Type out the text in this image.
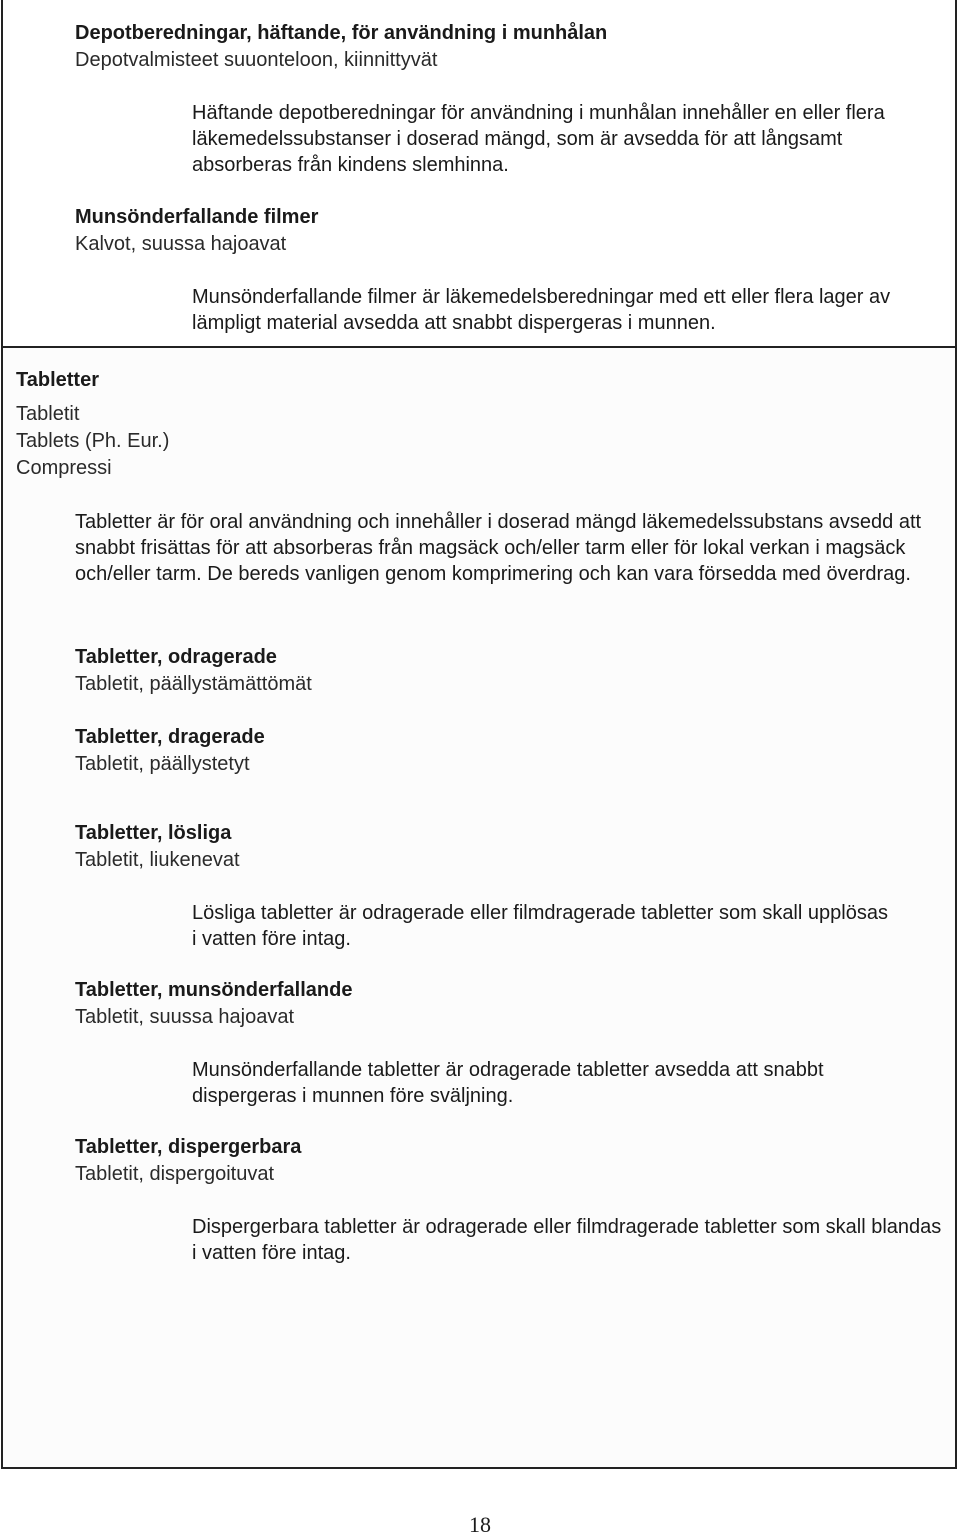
Depotberedningar, häftande, för användning i munhålan

Depotvalmisteet suuonteloon, kiinnittyvät

Häftande depotberedningar för användning i munhålan innehåller en eller flera läkemedelssubstanser i doserad mängd, som är avsedda för att långsamt absorberas från kindens slemhinna.

Munsönderfallande filmer

Kalvot, suussa hajoavat

Munsönderfallande filmer är läkemedelsberedningar med ett eller flera lager av lämpligt material avsedda att snabbt dispergeras i munnen.

Tabletter

Tabletit

Tablets (Ph. Eur.)

Compressi

Tabletter är för oral användning och innehåller i doserad mängd läkemedelssubstans avsedd att snabbt frisättas för att absorberas från magsäck och/eller tarm eller för lokal verkan i magsäck och/eller tarm. De bereds vanligen genom komprimering och kan vara försedda med överdrag.

Tabletter, odragerade

Tabletit, päällystämättömät

Tabletter, dragerade

Tabletit, päällystetyt

Tabletter, lösliga

Tabletit, liukenevat

Lösliga tabletter är odragerade eller filmdragerade tabletter som skall upplösas i vatten före intag.

Tabletter, munsönderfallande

Tabletit, suussa hajoavat

Munsönderfallande tabletter är odragerade tabletter avsedda att snabbt dispergeras i munnen före sväljning.

Tabletter, dispergerbara

Tabletit, dispergoituvat

Dispergerbara tabletter är odragerade eller filmdragerade tabletter som skall blandas i vatten före intag.

18
